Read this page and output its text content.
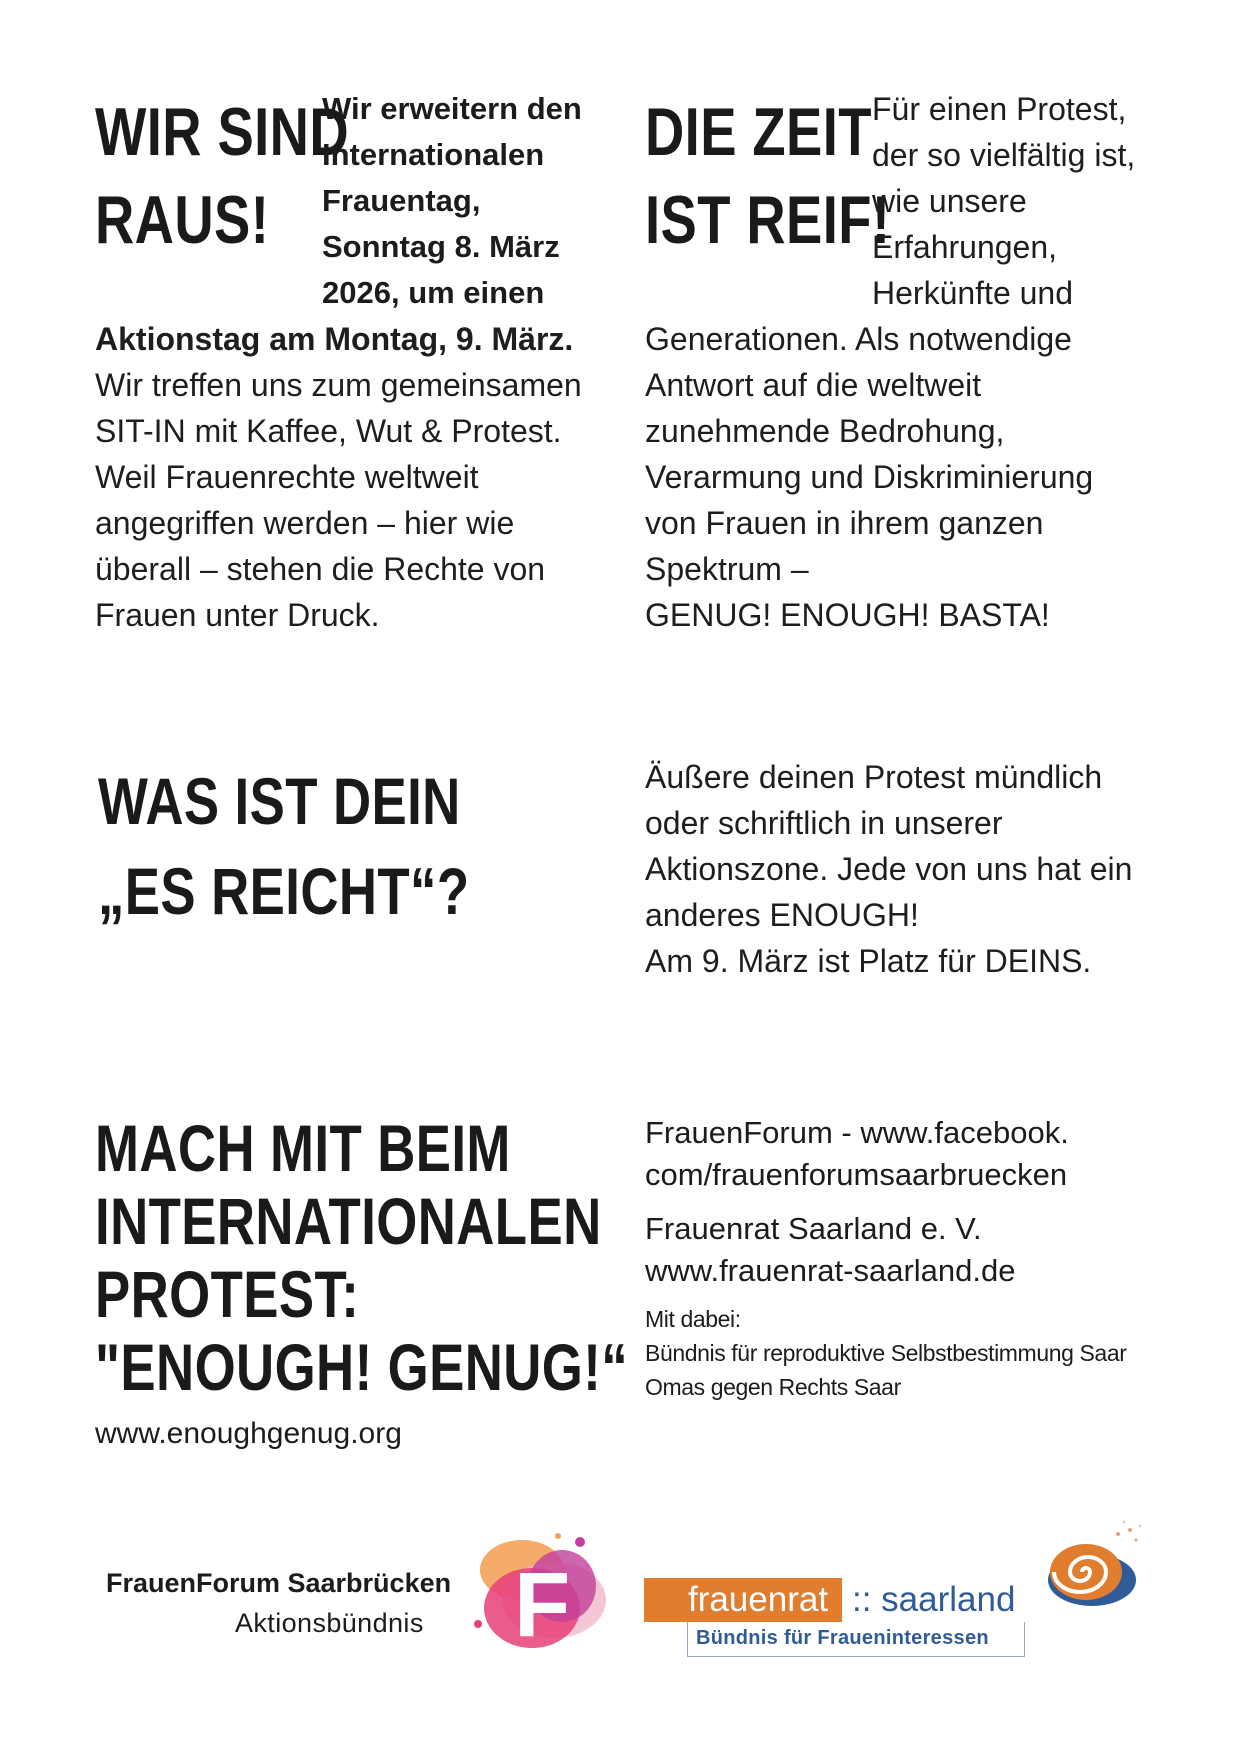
WIR SIND
RAUS!
Wir erweitern den
Internationalen
Frauentag,
Sonntag 8. März
2026, um einen
Aktionstag am Montag, 9. März.
Wir treffen uns zum gemeinsamen
SIT-IN mit Kaffee, Wut & Protest.
Weil Frauenrechte weltweit
angegriffen werden – hier wie
überall – stehen die Rechte von
Frauen unter Druck.
DIE ZEIT
IST REIF!
Für einen Protest,
der so vielfältig ist,
wie unsere
Erfahrungen,
Herkünfte und
Generationen. Als notwendige
Antwort auf die weltweit
zunehmende Bedrohung,
Verarmung und Diskriminierung
von Frauen in ihrem ganzen
Spektrum –
GENUG! ENOUGH! BASTA!
WAS IST DEIN
„ES REICHT“?
Äußere deinen Protest mündlich
oder schriftlich in unserer
Aktionszone. Jede von uns hat ein
anderes ENOUGH!
Am 9. März ist Platz für DEINS.
MACH MIT BEIM
INTERNATIONALEN
PROTEST:
"ENOUGH! GENUG!“
www.enoughgenug.org
FrauenForum - www.facebook.
com/frauenforumsaarbruecken
Frauenrat Saarland e. V.
www.frauenrat-saarland.de
Mit dabei:
Bündnis für reproduktive Selbstbestimmung Saar
Omas gegen Rechts Saar
FrauenForum Saarbrücken
Aktionsbündnis F	frauenrat :: saarland
Bündnis für Fraueninteressen
